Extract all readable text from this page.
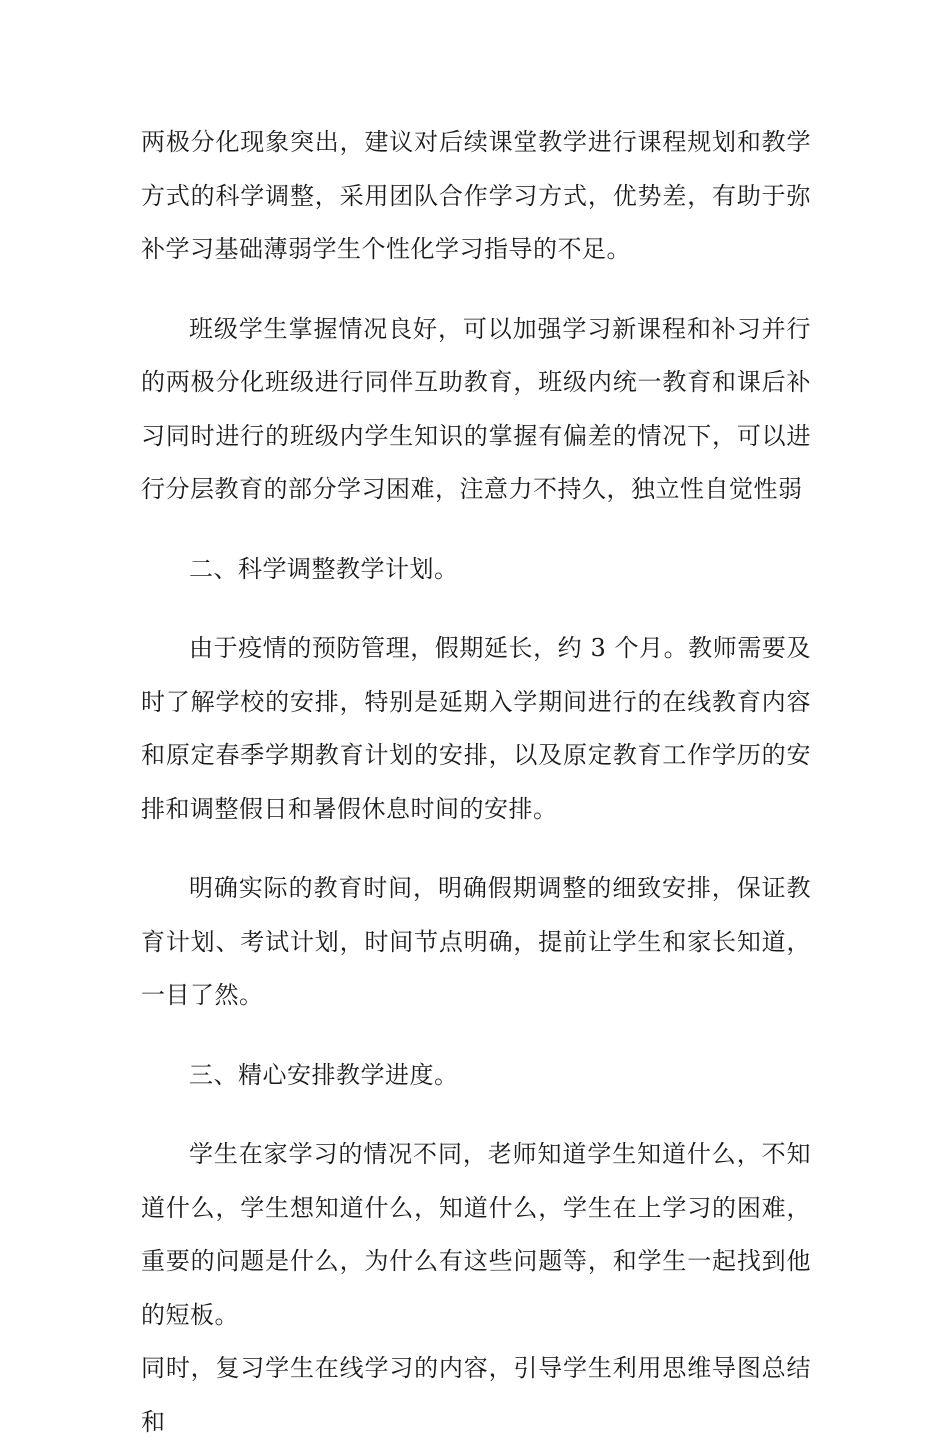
两极分化现象突出，建议对后续课堂教学进行课程规划和教学方式的科学调整，采用团队合作学习方式，优势差，有助于弥补学习基础薄弱学生个性化学习指导的不足。

班级学生掌握情况良好，可以加强学习新课程和补习并行的两极分化班级进行同伴互助教育，班级内统一教育和课后补习同时进行的班级内学生知识的掌握有偏差的情况下，可以进行分层教育的部分学习困难，注意力不持久，独立性自觉性弱

二、科学调整教学计划。

由于疫情的预防管理，假期延长，约 3 个月。教师需要及时了解学校的安排，特别是延期入学期间进行的在线教育内容和原定春季学期教育计划的安排，以及原定教育工作学历的安排和调整假日和暑假休息时间的安排。

明确实际的教育时间，明确假期调整的细致安排，保证教育计划、考试计划，时间节点明确，提前让学生和家长知道，一目了然。

三、精心安排教学进度。

学生在家学习的情况不同，老师知道学生知道什么，不知道什么，学生想知道什么，知道什么，学生在上学习的困难，重要的问题是什么，为什么有这些问题等，和学生一起找到他的短板。

同时，复习学生在线学习的内容，引导学生利用思维导图总结和
